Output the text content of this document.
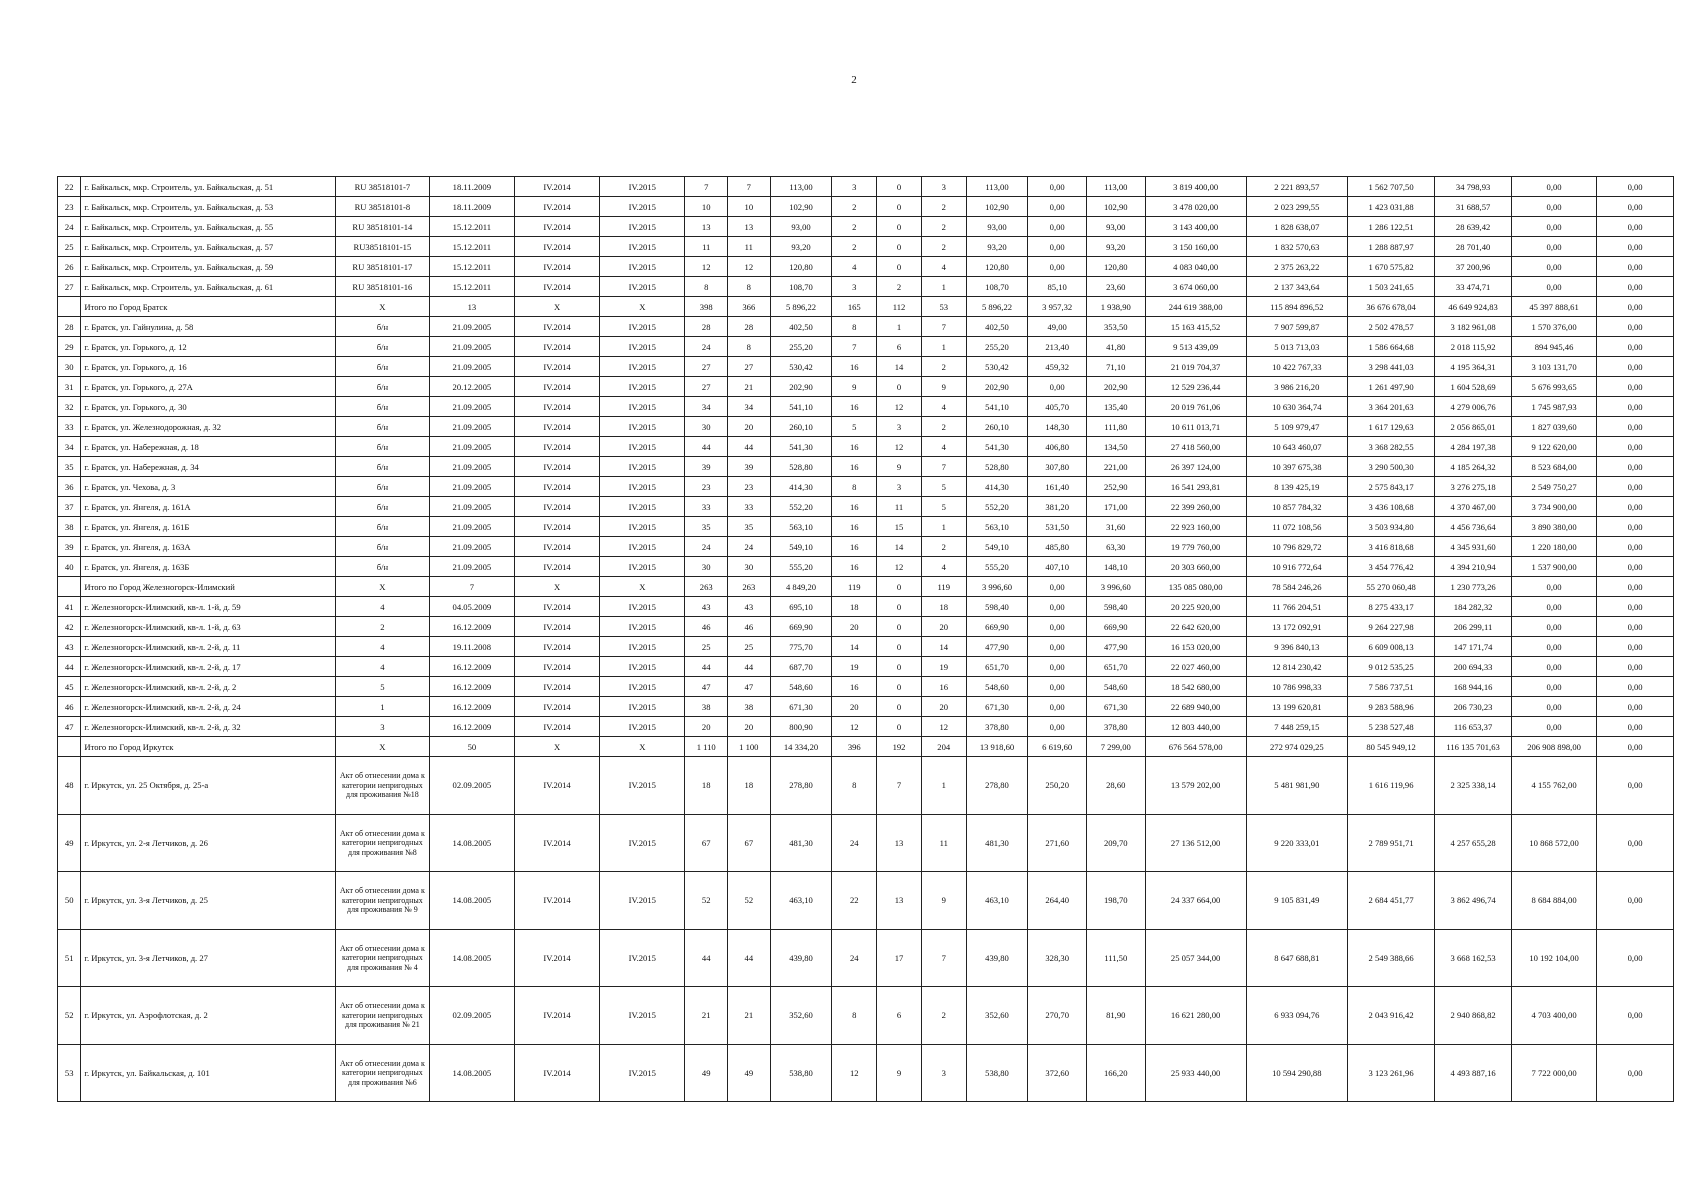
2
22	г. Байкальск, мкр. Строитель, ул. Байкальская, д. 51	RU 38518101-7	18.11.2009	IV.2014	IV.2015	7	7	113,00	3	0	3	113,00	0,00	113,00	3 819 400,00	2 221 893,57	1 562 707,50	34 798,93	0,00	0,00
23	г. Байкальск, мкр. Строитель, ул. Байкальская, д. 53	RU 38518101-8	18.11.2009	IV.2014	IV.2015	10	10	102,90	2	0	2	102,90	0,00	102,90	3 478 020,00	2 023 299,55	1 423 031,88	31 688,57	0,00	0,00
24	г. Байкальск, мкр. Строитель, ул. Байкальская, д. 55	RU 38518101-14	15.12.2011	IV.2014	IV.2015	13	13	93,00	2	0	2	93,00	0,00	93,00	3 143 400,00	1 828 638,07	1 286 122,51	28 639,42	0,00	0,00
25	г. Байкальск, мкр. Строитель, ул. Байкальская, д. 57	RU38518101-15	15.12.2011	IV.2014	IV.2015	11	11	93,20	2	0	2	93,20	0,00	93,20	3 150 160,00	1 832 570,63	1 288 887,97	28 701,40	0,00	0,00
26	г. Байкальск, мкр. Строитель, ул. Байкальская, д. 59	RU 38518101-17	15.12.2011	IV.2014	IV.2015	12	12	120,80	4	0	4	120,80	0,00	120,80	4 083 040,00	2 375 263,22	1 670 575,82	37 200,96	0,00	0,00
27	г. Байкальск, мкр. Строитель, ул. Байкальская, д. 61	RU 38518101-16	15.12.2011	IV.2014	IV.2015	8	8	108,70	3	2	1	108,70	85,10	23,60	3 674 060,00	2 137 343,64	1 503 241,65	33 474,71	0,00	0,00
	Итого по Город Братск	X	13	X	X	398	366	5 896,22	165	112	53	5 896,22	3 957,32	1 938,90	244 619 388,00	115 894 896,52	36 676 678,04	46 649 924,83	45 397 888,61	0,00
28	г. Братск, ул. Гайнулина, д. 58	б/н	21.09.2005	IV.2014	IV.2015	28	28	402,50	8	1	7	402,50	49,00	353,50	15 163 415,52	7 907 599,87	2 502 478,57	3 182 961,08	1 570 376,00	0,00
29	г. Братск, ул. Горького, д. 12	б/н	21.09.2005	IV.2014	IV.2015	24	8	255,20	7	6	1	255,20	213,40	41,80	9 513 439,09	5 013 713,03	1 586 664,68	2 018 115,92	894 945,46	0,00
30	г. Братск, ул. Горького, д. 16	б/н	21.09.2005	IV.2014	IV.2015	27	27	530,42	16	14	2	530,42	459,32	71,10	21 019 704,37	10 422 767,33	3 298 441,03	4 195 364,31	3 103 131,70	0,00
31	г. Братск, ул. Горького, д. 27А	б/н	20.12.2005	IV.2014	IV.2015	27	21	202,90	9	0	9	202,90	0,00	202,90	12 529 236,44	3 986 216,20	1 261 497,90	1 604 528,69	5 676 993,65	0,00
32	г. Братск, ул. Горького, д. 30	б/н	21.09.2005	IV.2014	IV.2015	34	34	541,10	16	12	4	541,10	405,70	135,40	20 019 761,06	10 630 364,74	3 364 201,63	4 279 006,76	1 745 987,93	0,00
33	г. Братск, ул. Железнодорожная, д. 32	б/н	21.09.2005	IV.2014	IV.2015	30	20	260,10	5	3	2	260,10	148,30	111,80	10 611 013,71	5 109 979,47	1 617 129,63	2 056 865,01	1 827 039,60	0,00
34	г. Братск, ул. Набережная, д. 18	б/н	21.09.2005	IV.2014	IV.2015	44	44	541,30	16	12	4	541,30	406,80	134,50	27 418 560,00	10 643 460,07	3 368 282,55	4 284 197,38	9 122 620,00	0,00
35	г. Братск, ул. Набережная, д. 34	б/н	21.09.2005	IV.2014	IV.2015	39	39	528,80	16	9	7	528,80	307,80	221,00	26 397 124,00	10 397 675,38	3 290 500,30	4 185 264,32	8 523 684,00	0,00
36	г. Братск, ул. Чехова, д. 3	б/н	21.09.2005	IV.2014	IV.2015	23	23	414,30	8	3	5	414,30	161,40	252,90	16 541 293,81	8 139 425,19	2 575 843,17	3 276 275,18	2 549 750,27	0,00
37	г. Братск, ул. Янгеля, д. 161А	б/н	21.09.2005	IV.2014	IV.2015	33	33	552,20	16	11	5	552,20	381,20	171,00	22 399 260,00	10 857 784,32	3 436 108,68	4 370 467,00	3 734 900,00	0,00
38	г. Братск, ул. Янгеля, д. 161Б	б/н	21.09.2005	IV.2014	IV.2015	35	35	563,10	16	15	1	563,10	531,50	31,60	22 923 160,00	11 072 108,56	3 503 934,80	4 456 736,64	3 890 380,00	0,00
39	г. Братск, ул. Янгеля, д. 163А	б/н	21.09.2005	IV.2014	IV.2015	24	24	549,10	16	14	2	549,10	485,80	63,30	19 779 760,00	10 796 829,72	3 416 818,68	4 345 931,60	1 220 180,00	0,00
40	г. Братск, ул. Янгеля, д. 163Б	б/н	21.09.2005	IV.2014	IV.2015	30	30	555,20	16	12	4	555,20	407,10	148,10	20 303 660,00	10 916 772,64	3 454 776,42	4 394 210,94	1 537 900,00	0,00
	Итого по Город Железногорск-Илимский	X	7	X	X	263	263	4 849,20	119	0	119	3 996,60	0,00	3 996,60	135 085 080,00	78 584 246,26	55 270 060,48	1 230 773,26	0,00	0,00
41	г. Железногорск-Илимский, кв-л. 1-й, д. 59	4	04.05.2009	IV.2014	IV.2015	43	43	695,10	18	0	18	598,40	0,00	598,40	20 225 920,00	11 766 204,51	8 275 433,17	184 282,32	0,00	0,00
42	г. Железногорск-Илимский, кв-л. 1-й, д. 63	2	16.12.2009	IV.2014	IV.2015	46	46	669,90	20	0	20	669,90	0,00	669,90	22 642 620,00	13 172 092,91	9 264 227,98	206 299,11	0,00	0,00
43	г. Железногорск-Илимский, кв-л. 2-й, д. 11	4	19.11.2008	IV.2014	IV.2015	25	25	775,70	14	0	14	477,90	0,00	477,90	16 153 020,00	9 396 840,13	6 609 008,13	147 171,74	0,00	0,00
44	г. Железногорск-Илимский, кв-л. 2-й, д. 17	4	16.12.2009	IV.2014	IV.2015	44	44	687,70	19	0	19	651,70	0,00	651,70	22 027 460,00	12 814 230,42	9 012 535,25	200 694,33	0,00	0,00
45	г. Железногорск-Илимский, кв-л. 2-й, д. 2	5	16.12.2009	IV.2014	IV.2015	47	47	548,60	16	0	16	548,60	0,00	548,60	18 542 680,00	10 786 998,33	7 586 737,51	168 944,16	0,00	0,00
46	г. Железногорск-Илимский, кв-л. 2-й, д. 24	1	16.12.2009	IV.2014	IV.2015	38	38	671,30	20	0	20	671,30	0,00	671,30	22 689 940,00	13 199 620,81	9 283 588,96	206 730,23	0,00	0,00
47	г. Железногорск-Илимский, кв-л. 2-й, д. 32	3	16.12.2009	IV.2014	IV.2015	20	20	800,90	12	0	12	378,80	0,00	378,80	12 803 440,00	7 448 259,15	5 238 527,48	116 653,37	0,00	0,00
	Итого по Город Иркутск	X	50	X	X	1 110	1 100	14 334,20	396	192	204	13 918,60	6 619,60	7 299,00	676 564 578,00	272 974 029,25	80 545 949,12	116 135 701,63	206 908 898,00	0,00
48	г. Иркутск, ул. 25 Октября, д. 25-а	Акт об отнесении дома к категории непригодных для проживания №18	02.09.2005	IV.2014	IV.2015	18	18	278,80	8	7	1	278,80	250,20	28,60	13 579 202,00	5 481 981,90	1 616 119,96	2 325 338,14	4 155 762,00	0,00
49	г. Иркутск, ул. 2-я Летчиков, д. 26	Акт об отнесении дома к категории непригодных для проживания №8	14.08.2005	IV.2014	IV.2015	67	67	481,30	24	13	11	481,30	271,60	209,70	27 136 512,00	9 220 333,01	2 789 951,71	4 257 655,28	10 868 572,00	0,00
50	г. Иркутск, ул. 3-я Летчиков, д. 25	Акт об отнесении дома к категории непригодных для проживания № 9	14.08.2005	IV.2014	IV.2015	52	52	463,10	22	13	9	463,10	264,40	198,70	24 337 664,00	9 105 831,49	2 684 451,77	3 862 496,74	8 684 884,00	0,00
51	г. Иркутск, ул. 3-я Летчиков, д. 27	Акт об отнесении дома к категории непригодных для проживания № 4	14.08.2005	IV.2014	IV.2015	44	44	439,80	24	17	7	439,80	328,30	111,50	25 057 344,00	8 647 688,81	2 549 388,66	3 668 162,53	10 192 104,00	0,00
52	г. Иркутск, ул. Аэрофлотская, д. 2	Акт об отнесении дома к категории непригодных для проживания № 21	02.09.2005	IV.2014	IV.2015	21	21	352,60	8	6	2	352,60	270,70	81,90	16 621 280,00	6 933 094,76	2 043 916,42	2 940 868,82	4 703 400,00	0,00
53	г. Иркутск, ул. Байкальская, д. 101	Акт об отнесении дома к категории непригодных для проживания №6	14.08.2005	IV.2014	IV.2015	49	49	538,80	12	9	3	538,80	372,60	166,20	25 933 440,00	10 594 290,88	3 123 261,96	4 493 887,16	7 722 000,00	0,00
